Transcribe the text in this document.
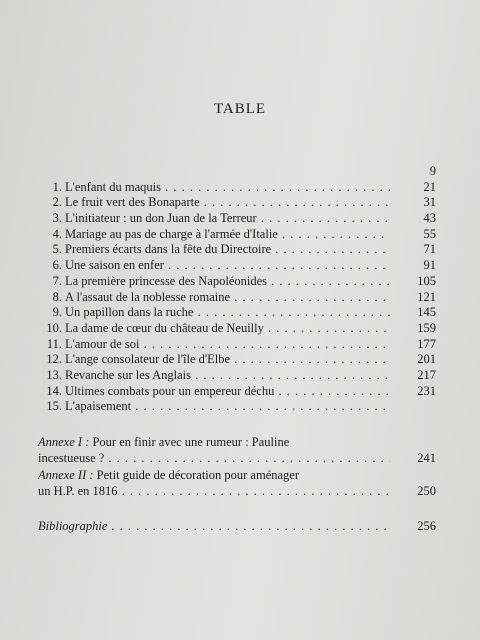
TABLE
9
1. L'enfant du maquis . . .	21
2. Le fruit vert des Bonaparte . . .	31
3. L'initiateur : un don Juan de la Terreur . . .	43
4. Mariage au pas de charge à l'armée d'Italie . . .	55
5. Premiers écarts dans la fête du Directoire . . .	71
6. Une saison en enfer . . .	91
7. La première princesse des Napoléonides . . .	105
8. A l'assaut de la noblesse romaine . . .	121
9. Un papillon dans la ruche . . .	145
10. La dame de cœur du château de Neuilly . . .	159
11. L'amour de soi . . .	177
12. L'ange consolateur de l'île d'Elbe . . .	201
13. Revanche sur les Anglais . . .	217
14. Ultimes combats pour un empereur déchu . . .	231
15. L'apaisement . . .
Annexe I : Pour en finir avec une rumeur : Pauline
incestueuse ? . . .	241
Annexe II : Petit guide de décoration pour aménager
un H.P. en 1816 . . .	250
Bibliographie . . .	256
